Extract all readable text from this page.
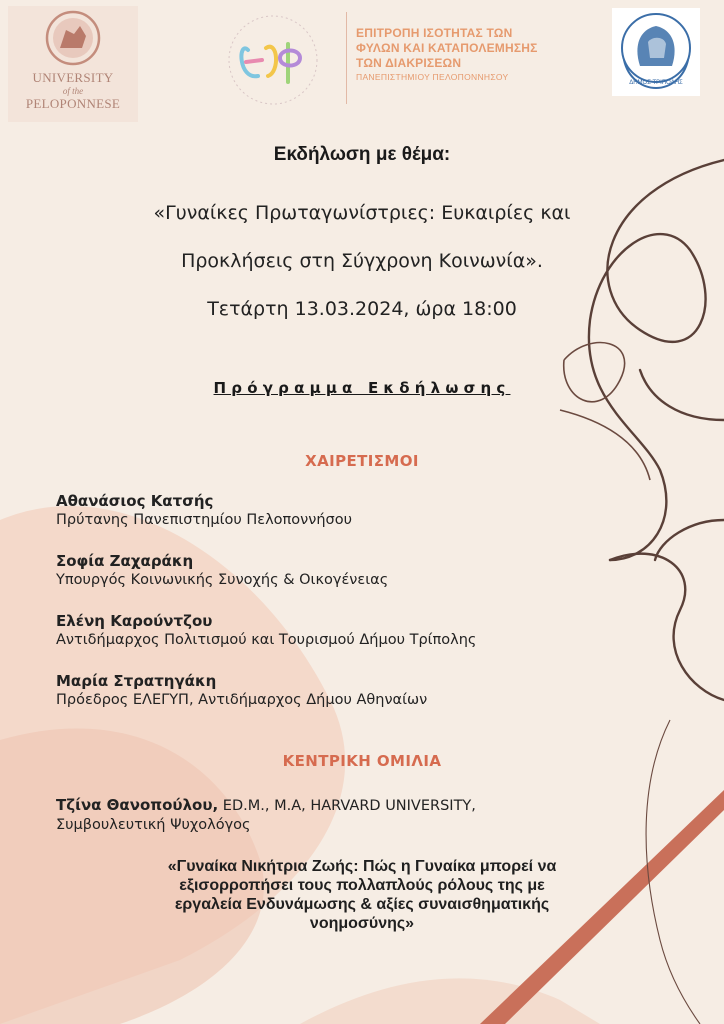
UNIVERSITY
of the
PELOPONNESE
ΕΠΙΤΡΟΠΗ ΙΣΟΤΗΤΑΣ ΤΩΝ
ΦΥΛΩΝ ΚΑΙ ΚΑΤΑΠΟΛΕΜΗΣΗΣ
ΤΩΝ ΔΙΑΚΡΙΣΕΩΝ
ΠΑΝΕΠΙΣΤΗΜΙΟΥ ΠΕΛΟΠΟΝΝΗΣΟΥ
ΔΗΜΟΣ ΤΡΙΠΟΛΗΣ
Εκδήλωση με θέμα:
«Γυναίκες Πρωταγωνίστριες: Ευκαιρίες και
Προκλήσεις στη Σύγχρονη Κοινωνία».
Τετάρτη 13.03.2024, ώρα 18:00
Πρόγραμμα Εκδήλωσης
ΧΑΙΡΕΤΙΣΜΟΙ
Αθανάσιος Κατσής
Πρύτανης Πανεπιστημίου Πελοποννήσου
Σοφία Ζαχαράκη
Υπουργός Κοινωνικής Συνοχής & Οικογένειας
Ελένη Καρούντζου
Αντιδήμαρχος Πολιτισμού και Τουρισμού Δήμου Τρίπολης
Μαρία Στρατηγάκη
Πρόεδρος ΕΛΕΓΥΠ, Αντιδήμαρχος Δήμου Αθηναίων
ΚΕΝΤΡΙΚΗ ΟΜΙΛΙΑ
Τζίνα Θανοπούλου, ED.M., M.A, HARVARD UNIVERSITY,
Συμβουλευτική Ψυχολόγος
«Γυναίκα Νικήτρια Ζωής: Πώς η Γυναίκα μπορεί να
εξισορροπήσει τους πολλαπλούς ρόλους της με
εργαλεία Ενδυνάμωσης & αξίες συναισθηματικής
νοημοσύνης»
